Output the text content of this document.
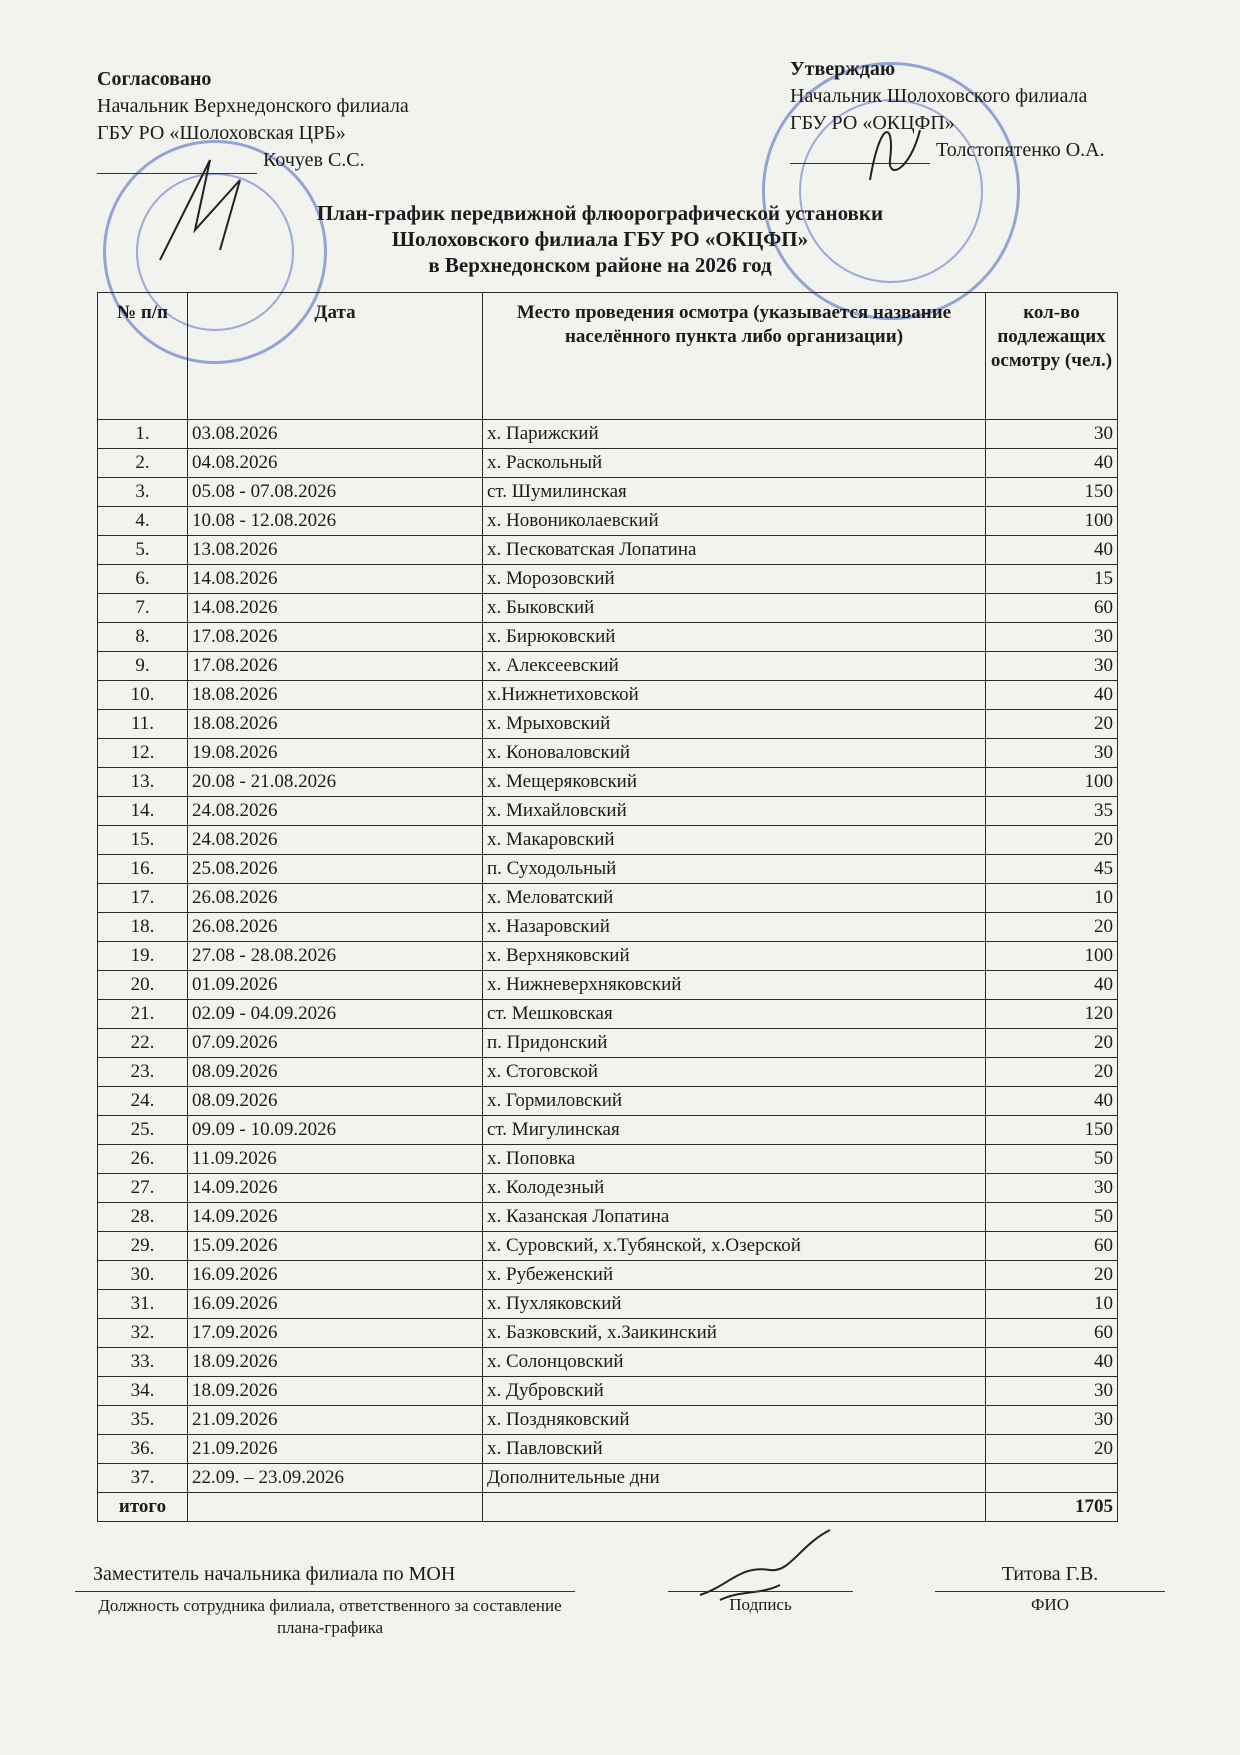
Согласовано
Начальник Верхнедонского филиала
ГБУ РО «Шолоховская ЦРБ»
Кочуев С.С.
Утверждаю
Начальник Шолоховского филиала
ГБУ РО «ОКЦФП»
Толстопятенко О.А.
План-график передвижной флюорографической установки
Шолоховского филиала ГБУ РО «ОКЦФП»
в Верхнедонском районе на 2026 год
№ п/п	Дата	Место проведения осмотра (указывается название населённого пункта либо организации)	кол-во подлежащих осмотру (чел.)
1.	03.08.2026	х. Парижский	30
2.	04.08.2026	х. Раскольный	40
3.	05.08 - 07.08.2026	ст. Шумилинская	150
4.	10.08 - 12.08.2026	х. Новониколаевский	100
5.	13.08.2026	х. Песковатская Лопатина	40
6.	14.08.2026	х. Морозовский	15
7.	14.08.2026	х. Быковский	60
8.	17.08.2026	х. Бирюковский	30
9.	17.08.2026	х. Алексеевский	30
10.	18.08.2026	х.Нижнетиховской	40
11.	18.08.2026	х. Мрыховский	20
12.	19.08.2026	х. Коноваловский	30
13.	20.08 - 21.08.2026	х. Мещеряковский	100
14.	24.08.2026	х. Михайловский	35
15.	24.08.2026	х. Макаровский	20
16.	25.08.2026	п. Суходольный	45
17.	26.08.2026	х. Меловатский	10
18.	26.08.2026	х. Назаровский	20
19.	27.08 - 28.08.2026	х. Верхняковский	100
20.	01.09.2026	х. Нижневерхняковский	40
21.	02.09 - 04.09.2026	ст. Мешковская	120
22.	07.09.2026	п. Придонский	20
23.	08.09.2026	х. Стоговской	20
24.	08.09.2026	х. Гормиловский	40
25.	09.09 - 10.09.2026	ст. Мигулинская	150
26.	11.09.2026	х. Поповка	50
27.	14.09.2026	х. Колодезный	30
28.	14.09.2026	х. Казанская Лопатина	50
29.	15.09.2026	х. Суровский, х.Тубянской, х.Озерской	60
30.	16.09.2026	х. Рубеженский	20
31.	16.09.2026	х. Пухляковский	10
32.	17.09.2026	х. Базковский, х.Заикинский	60
33.	18.09.2026	х. Солонцовский	40
34.	18.09.2026	х. Дубровский	30
35.	21.09.2026	х. Поздняковский	30
36.	21.09.2026	х. Павловский	20
37.	22.09. – 23.09.2026	Дополнительные дни	
итого			1705
Заместитель начальника филиала по МОН
Должность сотрудника филиала, ответственного за составление плана-графика
Подпись
Титова Г.В.
ФИО
